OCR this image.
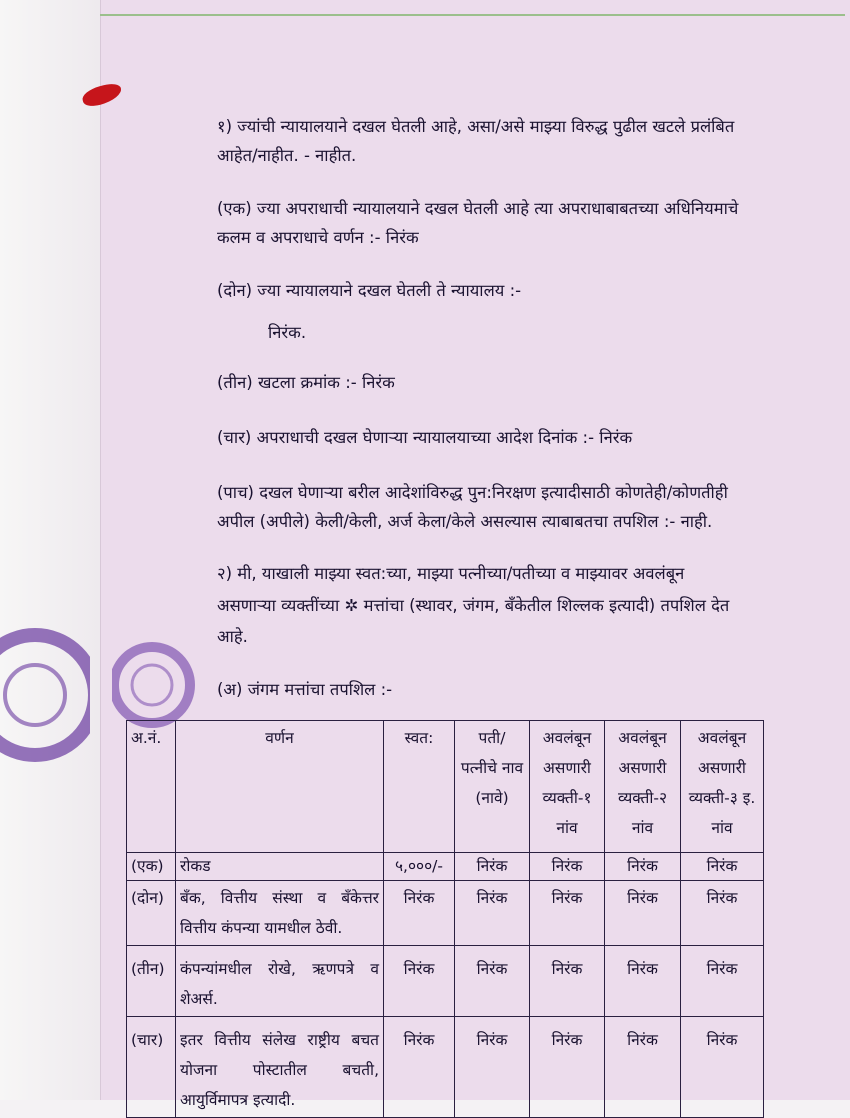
१) ज्यांची न्यायालयाने दखल घेतली आहे, असा/असे माझ्या विरुद्ध पुढील खटले प्रलंबित
आहेत/नाहीत. - नाहीत.
(एक) ज्या अपराधाची न्यायालयाने दखल घेतली आहे त्या अपराधाबाबतच्या अधिनियमाचे
कलम व अपराधाचे वर्णन :- निरंक
(दोन) ज्या न्यायालयाने दखल घेतली ते न्यायालय :-
निरंक.
(तीन) खटला क्रमांक :- निरंक
(चार) अपराधाची दखल घेणाऱ्या न्यायालयाच्या आदेश दिनांक :- निरंक
(पाच) दखल घेणाऱ्या बरील आदेशांविरुद्ध पुन:निरक्षण इत्यादीसाठी कोणतेही/कोणतीही
अपील (अपीले) केली/केली, अर्ज केला/केले असल्यास त्याबाबतचा तपशिल :- नाही.
२) मी, याखाली माझ्या स्वत:च्या, माझ्या पत्नीच्या/पतीच्या व माझ्यावर अवलंबून
असणाऱ्या व्यक्तींच्या ✲ मत्तांचा (स्थावर, जंगम, बँकेतील शिल्लक इत्यादी) तपशिल देत
आहे.
(अ) जंगम मत्तांचा तपशिल :-
अ.नं.	वर्णन	स्वत:	पती/ पत्नीचे नाव (नावे)	अवलंबून असणारी व्यक्ती-१ नांव	अवलंबून असणारी व्यक्ती-२ नांव	अवलंबून असणारी व्यक्ती-३ इ. नांव
(एक)	रोकड	५,०००/-	निरंक	निरंक	निरंक	निरंक
(दोन)	बँक, वित्तीय संस्था व बँकेत्तर वित्तीय कंपन्या यामधील ठेवी.	निरंक	निरंक	निरंक	निरंक	निरंक
(तीन)	कंपन्यांमधील रोखे, ऋणपत्रे व शेअर्स.	निरंक	निरंक	निरंक	निरंक	निरंक
(चार)	इतर वित्तीय संलेख राष्ट्रीय बचत योजना पोस्टातील बचती, आयुर्विमापत्र इत्यादी.	निरंक	निरंक	निरंक	निरंक	निरंक
